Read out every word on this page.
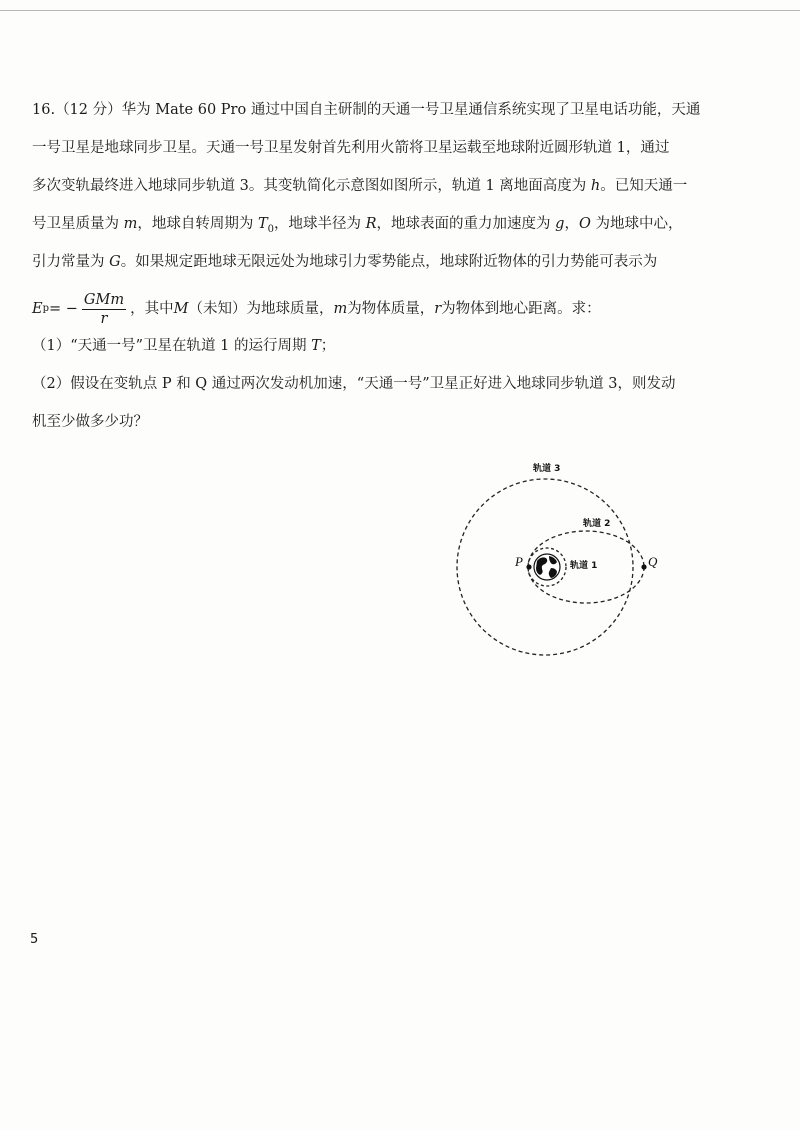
16.（12 分）华为 Mate 60 Pro 通过中国自主研制的天通一号卫星通信系统实现了卫星电话功能，天通
一号卫星是地球同步卫星。天通一号卫星发射首先利用火箭将卫星运载至地球附近圆形轨道 1，通过
多次变轨最终进入地球同步轨道 3。其变轨简化示意图如图所示，轨道 1 离地面高度为 h。已知天通一
号卫星质量为 m，地球自转周期为 $T_0$，地球半径为 R，地球表面的重力加速度为 g，O 为地球中心，
引力常量为 G。如果规定距地球无限远处为地球引力零势能点，地球附近物体的引力势能可表示为
E p = − $\frac{\text{GMm}}{r}$ ，其中 M （未知）为地球质量， m 为物体质量， r 为物体到地心距离。求：
（1）“天通一号”卫星在轨道 1 的运行周期 T；
（2）假设在变轨点 P 和 Q 通过两次发动机加速，“天通一号”卫星正好进入地球同步轨道 3，则发动
机至少做多少功？
P	Q
轨道 1
轨道 2
轨道 3
5
